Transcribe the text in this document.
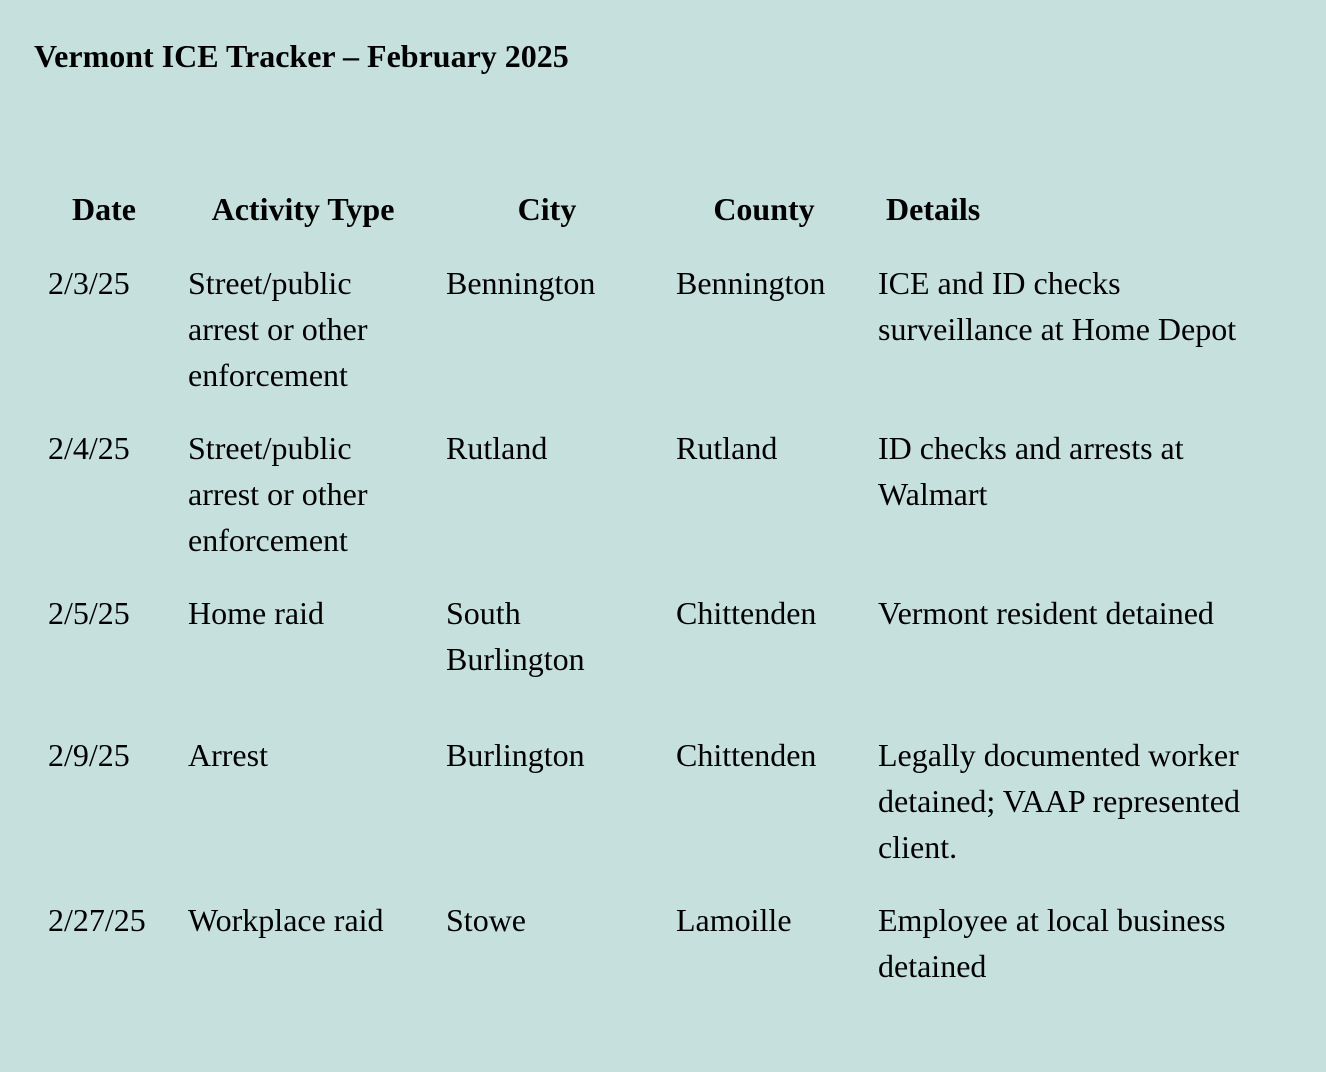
Vermont ICE Tracker – February 2025
Date	Activity Type	City	County	Details
2/3/25	Street/public arrest or other enforcement	Bennington	Bennington	ICE and ID checks surveillance at Home Depot
2/4/25	Street/public arrest or other enforcement	Rutland	Rutland	ID checks and arrests at Walmart
2/5/25	Home raid	South Burlington	Chittenden	Vermont resident detained
2/9/25	Arrest	Burlington	Chittenden	Legally documented worker detained; VAAP represented client.
2/27/25	Workplace raid	Stowe	Lamoille	Employee at local business detained
